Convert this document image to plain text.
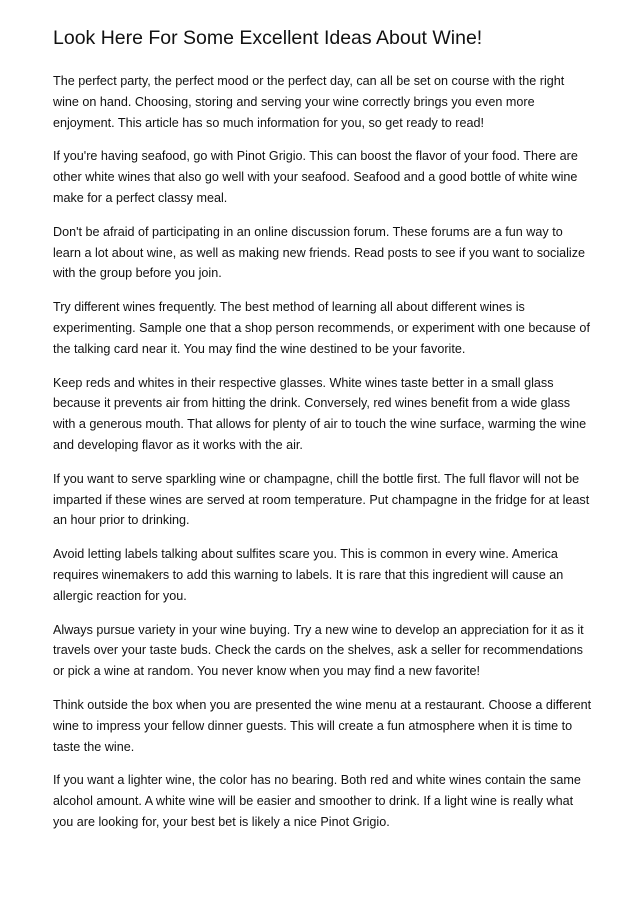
Look Here For Some Excellent Ideas About Wine!

The perfect party, the perfect mood or the perfect day, can all be set on course with the right wine on hand. Choosing, storing and serving your wine correctly brings you even more enjoyment. This article has so much information for you, so get ready to read!

If you're having seafood, go with Pinot Grigio. This can boost the flavor of your food. There are other white wines that also go well with your seafood. Seafood and a good bottle of white wine make for a perfect classy meal.

Don't be afraid of participating in an online discussion forum. These forums are a fun way to learn a lot about wine, as well as making new friends. Read posts to see if you want to socialize with the group before you join.

Try different wines frequently. The best method of learning all about different wines is experimenting. Sample one that a shop person recommends, or experiment with one because of the talking card near it. You may find the wine destined to be your favorite.

Keep reds and whites in their respective glasses. White wines taste better in a small glass because it prevents air from hitting the drink. Conversely, red wines benefit from a wide glass with a generous mouth. That allows for plenty of air to touch the wine surface, warming the wine and developing flavor as it works with the air.

If you want to serve sparkling wine or champagne, chill the bottle first. The full flavor will not be imparted if these wines are served at room temperature. Put champagne in the fridge for at least an hour prior to drinking.

Avoid letting labels talking about sulfites scare you. This is common in every wine. America requires winemakers to add this warning to labels. It is rare that this ingredient will cause an allergic reaction for you.

Always pursue variety in your wine buying. Try a new wine to develop an appreciation for it as it travels over your taste buds. Check the cards on the shelves, ask a seller for recommendations or pick a wine at random. You never know when you may find a new favorite!

Think outside the box when you are presented the wine menu at a restaurant. Choose a different wine to impress your fellow dinner guests. This will create a fun atmosphere when it is time to taste the wine.

If you want a lighter wine, the color has no bearing. Both red and white wines contain the same alcohol amount. A white wine will be easier and smoother to drink. If a light wine is really what you are looking for, your best bet is likely a nice Pinot Grigio.
